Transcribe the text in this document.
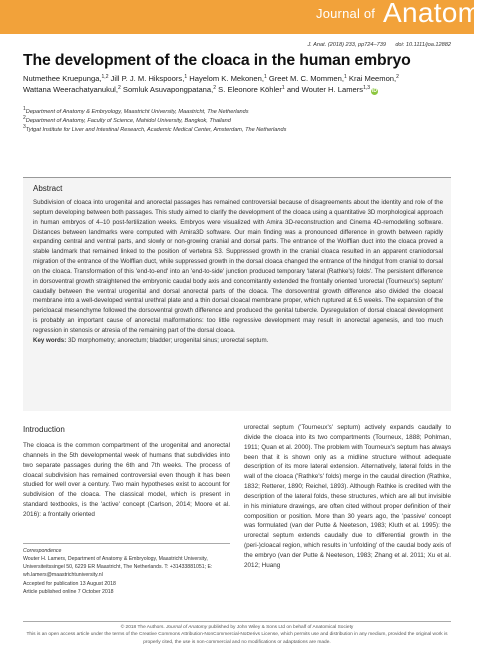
Journal of Anatomy
J. Anat. (2018) 233, pp724–739 doi: 10.1111/joa.12882
The development of the cloaca in the human embryo
Nutmethee Kruepunga,$^{1,2}$ Jill P. J. M. Hikspoors,$^1$ Hayelom K. Mekonen,$^1$ Greet M. C. Mommen,$^1$ Krai Meemon,$^2$ Wattana Weerachatyanukul,$^2$ Somluk Asuvapongpatana,$^2$ S. Eleonore Köhler$^1$ and Wouter H. Lamers$^{1,3}$ iD
$^1$Department of Anatomy & Embryology, Maastricht University, Maastricht, The Netherlands
$^2$Department of Anatomy, Faculty of Science, Mahidol University, Bangkok, Thailand
$^3$Tytgat Institute for Liver and Intestinal Research, Academic Medical Center, Amsterdam, The Netherlands
Abstract
Subdivision of cloaca into urogenital and anorectal passages has remained controversial because of disagreements about the identity and role of the septum developing between both passages. This study aimed to clarify the development of the cloaca using a quantitative 3D morphological approach in human embryos of 4–10 post-fertilization weeks. Embryos were visualized with Amira 3D-reconstruction and Cinema 4D-remodelling software. Distances between landmarks were computed with Amira3D software. Our main finding was a pronounced difference in growth between rapidly expanding central and ventral parts, and slowly or non-growing cranial and dorsal parts. The entrance of the Wolffian duct into the cloaca proved a stable landmark that remained linked to the position of vertebra S3. Suppressed growth in the cranial cloaca resulted in an apparent craniodorsal migration of the entrance of the Wolffian duct, while suppressed growth in the dorsal cloaca changed the entrance of the hindgut from cranial to dorsal on the cloaca. Transformation of this 'end-to-end' into an 'end-to-side' junction produced temporary 'lateral (Rathke's) folds'. The persistent difference in dorsoventral growth straightened the embryonic caudal body axis and concomitantly extended the frontally oriented 'urorectal (Tourneux's) septum' caudally between the ventral urogenital and dorsal anorectal parts of the cloaca. The dorsoventral growth difference also divided the cloacal membrane into a well-developed ventral urethral plate and a thin dorsal cloacal membrane proper, which ruptured at 6.5 weeks. The expansion of the pericloacal mesenchyme followed the dorsoventral growth difference and produced the genital tubercle. Dysregulation of dorsal cloacal development is probably an important cause of anorectal malformations: too little regressive development may result in anorectal agenesis, and too much regression in stenosis or atresia of the remaining part of the dorsal cloaca.
Key words: 3D morphometry; anorectum; bladder; urogenital sinus; urorectal septum.
Introduction
The cloaca is the common compartment of the urogenital and anorectal channels in the 5th developmental week of humans that subdivides into two separate passages during the 6th and 7th weeks. The process of cloacal subdivision has remained controversial even though it has been studied for well over a century. Two main hypotheses exist to account for subdivision of the cloaca. The classical model, which is present in standard textbooks, is the 'active' concept (Carlson, 2014; Moore et al. 2016): a frontally oriented
urorectal septum ('Tourneux's' septum) actively expands caudally to divide the cloaca into its two compartments (Tourneux, 1888; Pohlman, 1911; Quan et al. 2000). The problem with Tourneux's septum has always been that it is shown only as a midline structure without adequate description of its more lateral extension. Alternatively, lateral folds in the wall of the cloaca ('Rathke's' folds) merge in the caudal direction (Rathke, 1832; Retterer, 1890; Reichel, 1893). Although Rathke is credited with the description of the lateral folds, these structures, which are all but invisible in his miniature drawings, are often cited without proper definition of their composition or position. More than 30 years ago, the 'passive' concept was formulated (van der Putte & Neeteson, 1983; Kluth et al. 1995): the urorectal septum extends caudally due to differential growth in the (peri-)cloacal region, which results in 'unfolding' of the caudal body axis of the embryo (van der Putte & Neeteson, 1983; Zhang et al. 2011; Xu et al. 2012; Huang
Correspondence
Wouter H. Lamers, Department of Anatomy & Embryology, Maastricht University, Universiteitssingel 50, 6229 ER Maastricht, The Netherlands. T: +31433881051; E: wh.lamers@maastrichtuniversity.nl
Accepted for publication 13 August 2018
Article published online 7 October 2018
© 2018 The Authors. Journal of Anatomy published by John Wiley & Sons Ltd on behalf of Anatomical Society
This is an open access article under the terms of the Creative Commons Attribution-NonCommercial-NoDerivs License, which permits use and distribution in any medium, provided the original work is properly cited, the use is non-commercial and no modifications or adaptations are made.
